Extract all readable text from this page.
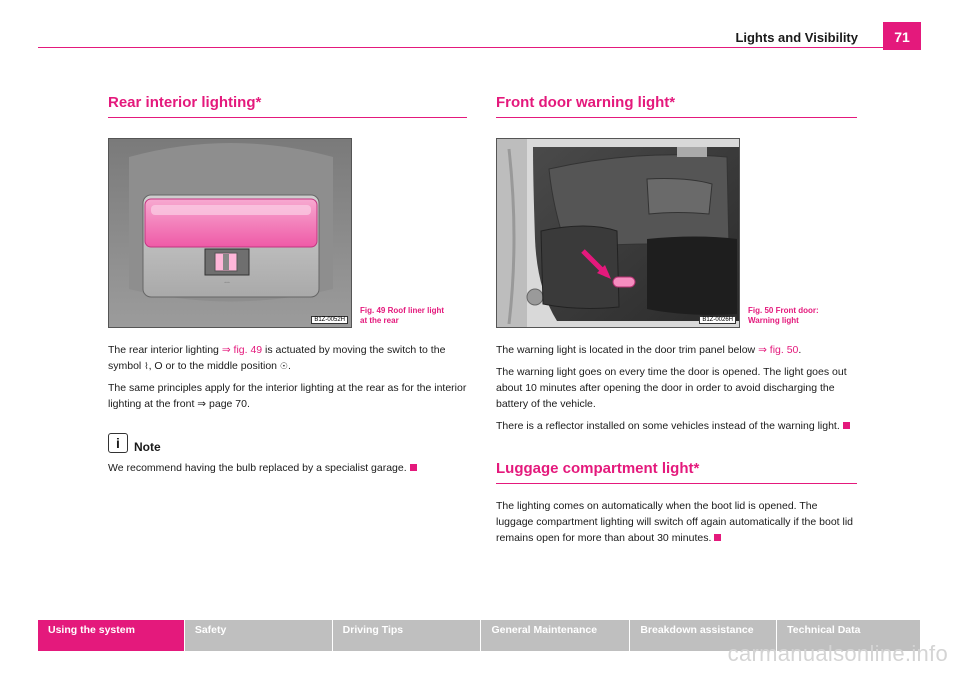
Lights and Visibility	71
Rear interior lighting*
◦◦◦
B1Z-0052H
Fig. 49 Roof liner light
at the rear

The rear interior lighting ⇒ fig. 49 is actuated by moving the switch to the symbol ⌇, O or to the middle position ☉.

The same principles apply for the interior lighting at the rear as for the interior lighting at the front ⇒ page 70.

i	Note

We recommend having the bulb replaced by a specialist garage.

Front door warning light*
B1Z-0026H
Fig. 50 Front door:
Warning light

The warning light is located in the door trim panel below ⇒ fig. 50.

The warning light goes on every time the door is opened. The light goes out about 10 minutes after opening the door in order to avoid discharging the battery of the vehicle.

There is a reflector installed on some vehicles instead of the warning light.

Luggage compartment light*

The lighting comes on automatically when the boot lid is opened. The luggage compartment lighting will switch off again automatically if the boot lid remains open for more than about 30 minutes.

Using the system	Safety	Driving Tips	General Maintenance	Breakdown assistance	Technical Data
carmanualsonline.info
